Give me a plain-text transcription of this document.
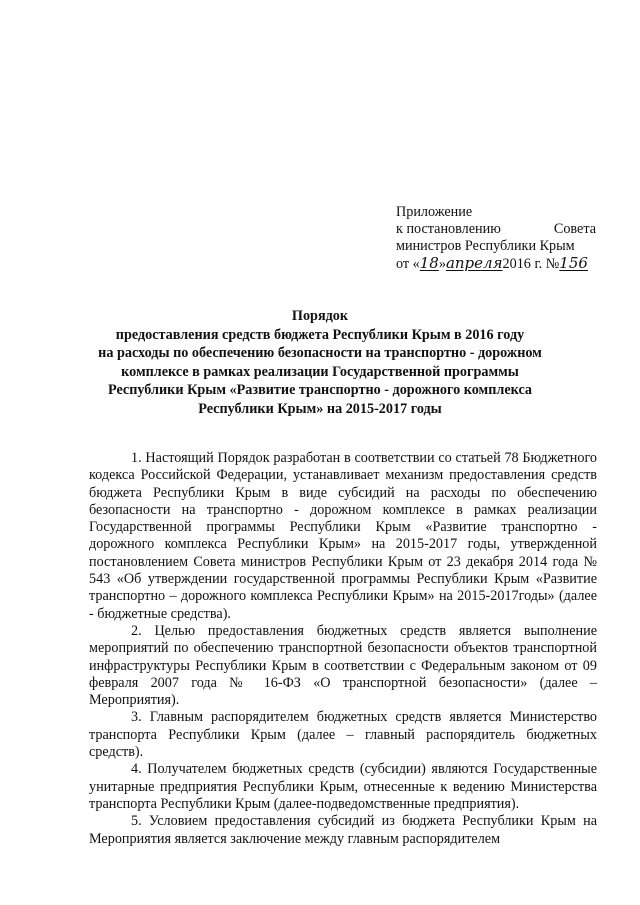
Приложение
к постановлению	Совета
министров Республики Крым
от «18»апреля2016 г. №156
Порядок
предоставления средств бюджета Республики Крым в 2016 году
на расходы по обеспечению безопасности на транспортно - дорожном
комплексе в рамках реализации Государственной программы
Республики Крым «Развитие транспортно - дорожного комплекса
Республики Крым» на 2015-2017 годы

1. Настоящий Порядок разработан в соответствии со статьей 78 Бюджетного кодекса Российской Федерации, устанавливает механизм предоставления средств бюджета Республики Крым в виде субсидий на расходы по обеспечению безопасности на транспортно - дорожном комплексе в рамках реализации Государственной программы Республики Крым «Развитие транспортно - дорожного комплекса Республики Крым» на 2015-2017 годы, утвержденной постановлением Совета министров Республики Крым от 23 декабря 2014 года № 543 «Об утверждении государственной программы Республики Крым «Развитие транспортно – дорожного комплекса Республики Крым» на 2015-2017годы» (далее - бюджетные средства).

2. Целью предоставления бюджетных средств является выполнение мероприятий по обеспечению транспортной безопасности объектов транспортной инфраструктуры Республики Крым в соответствии с Федеральным законом от 09 февраля 2007 года № 16-ФЗ «О транспортной безопасности» (далее – Мероприятия).

3. Главным распорядителем бюджетных средств является Министерство транспорта Республики Крым (далее – главный распорядитель бюджетных средств).

4. Получателем бюджетных средств (субсидии) являются Государственные унитарные предприятия Республики Крым, отнесенные к ведению Министерства транспорта Республики Крым (далее-подведомственные предприятия).

5. Условием предоставления субсидий из бюджета Республики Крым на Мероприятия является заключение между главным распорядителем
